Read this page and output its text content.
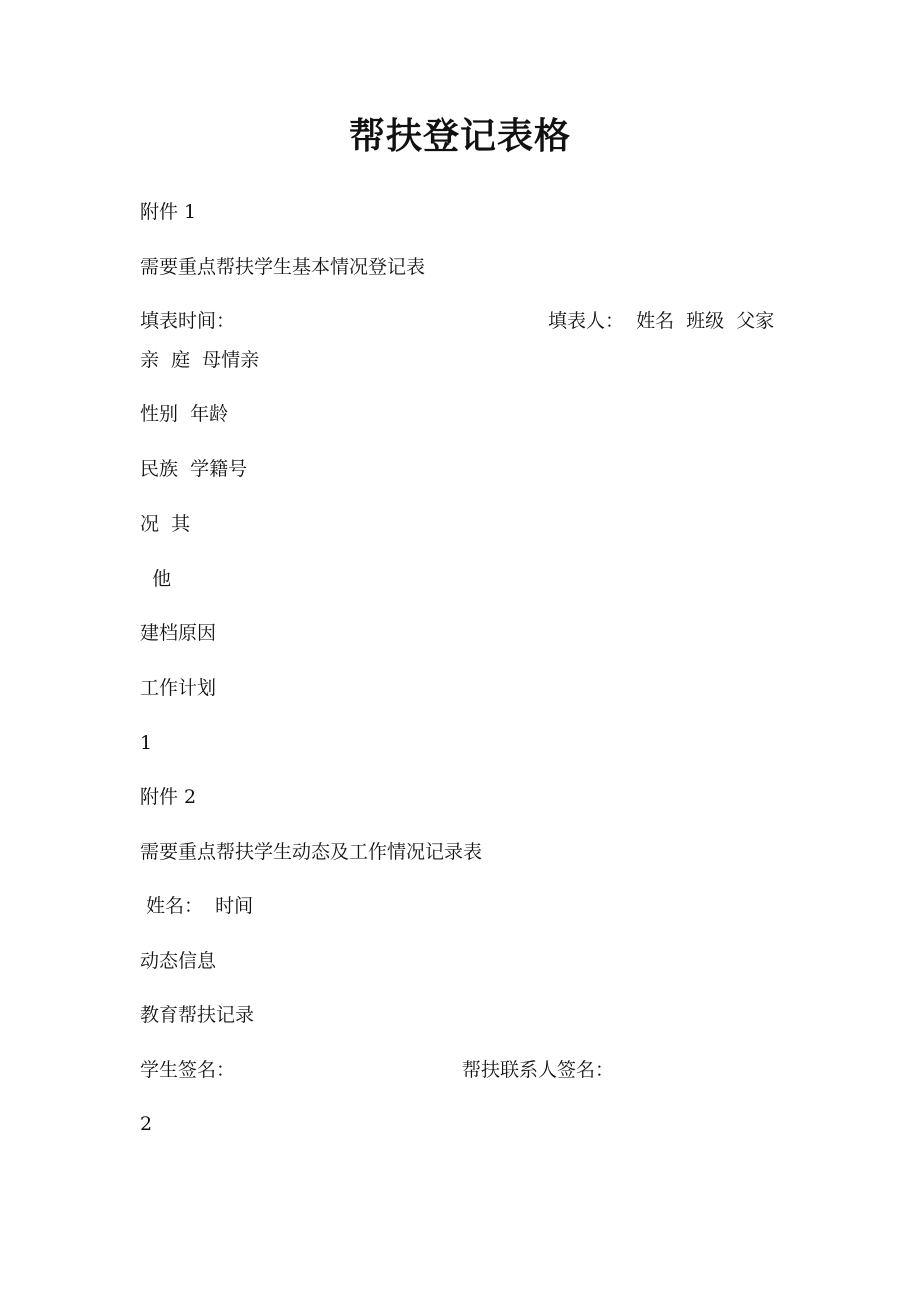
帮扶登记表格
附件 1
需要重点帮扶学生基本情况登记表
填表时间：	填表人：  姓名  班级  父家
亲  庭  母情亲
性别  年龄
民族  学籍号
况  其
他
建档原因
工作计划
1
附件 2
需要重点帮扶学生动态及工作情况记录表
姓名：  时间
动态信息
教育帮扶记录
学生签名：	帮扶联系人签名：
2
